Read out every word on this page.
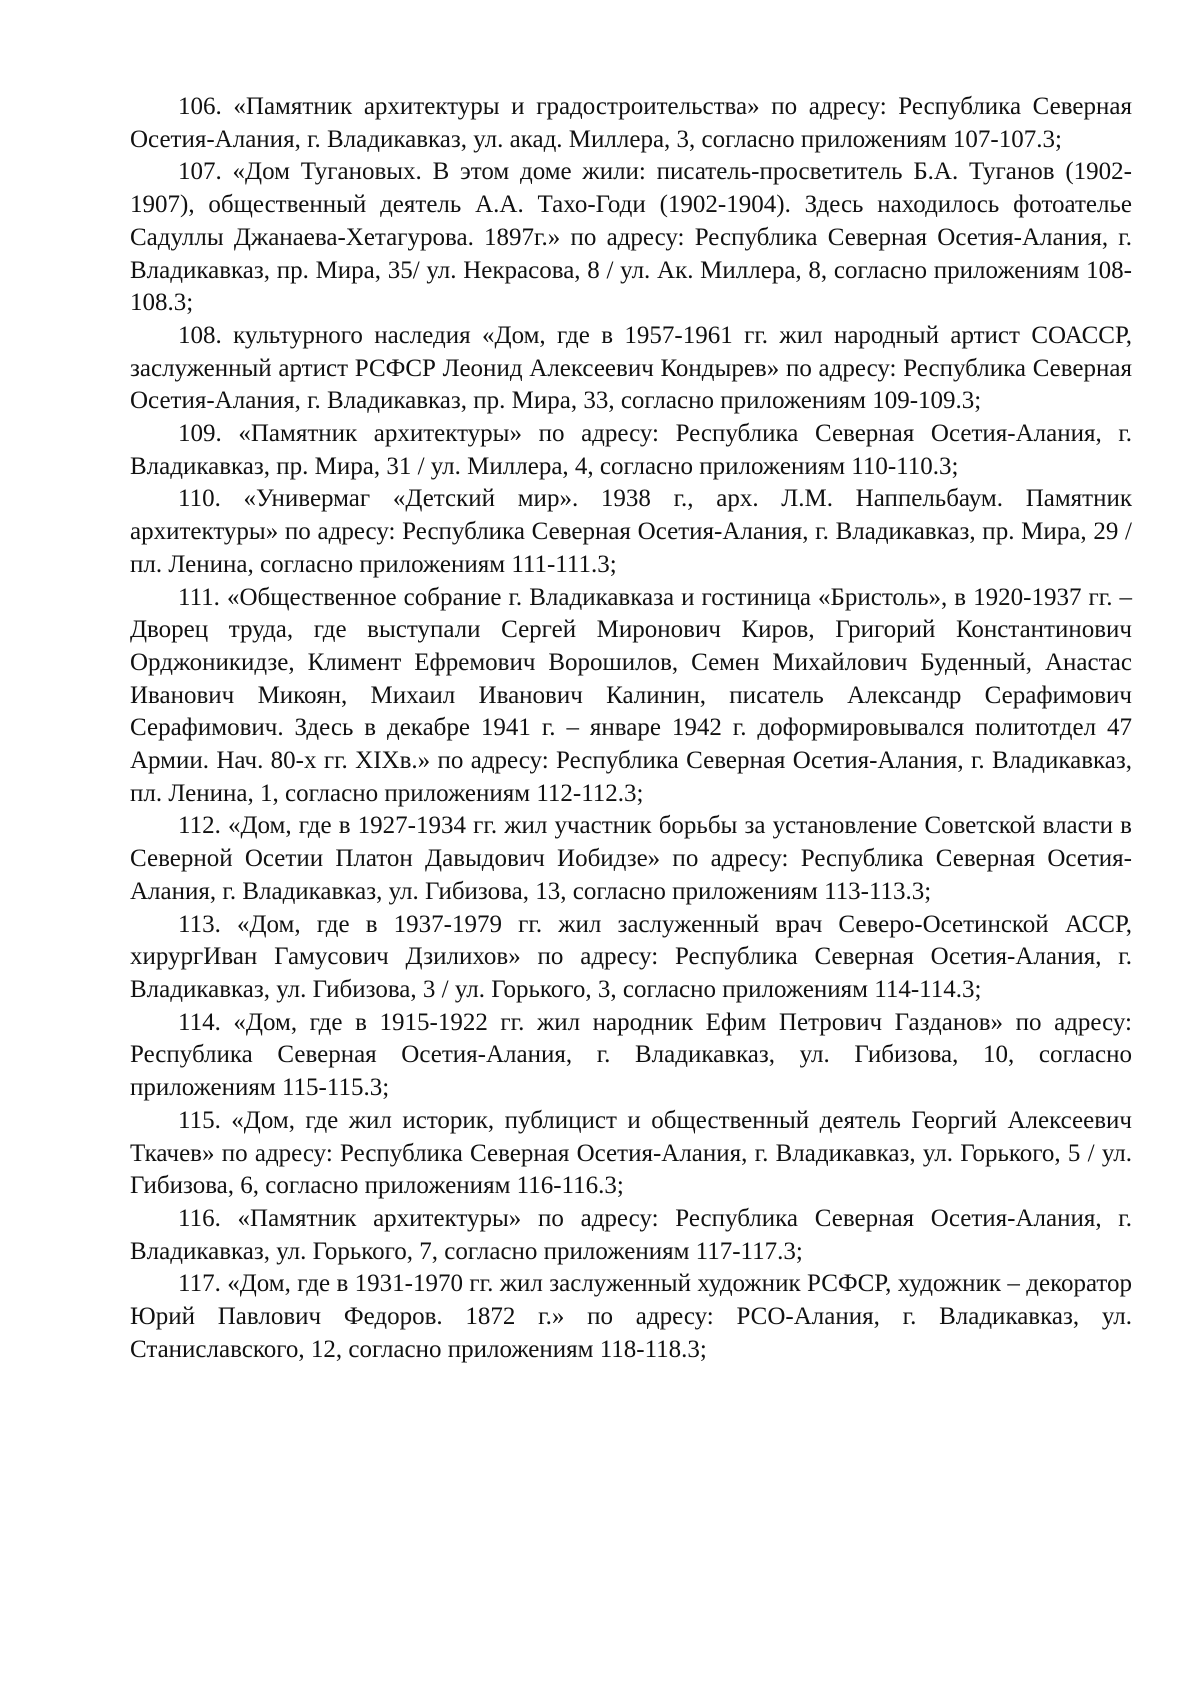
106. «Памятник архитектуры и градостроительства» по адресу: Республика Северная Осетия-Алания, г. Владикавказ, ул. акад. Миллера, 3, согласно приложениям 107-107.3;

107. «Дом Тугановых. В этом доме жили: писатель-просветитель Б.А. Туганов (1902-1907), общественный деятель А.А. Тахо-Годи (1902-1904). Здесь находилось фотоателье Садуллы Джанаева-Хетагурова. 1897г.» по адресу: Республика Северная Осетия-Алания, г. Владикавказ, пр. Мира, 35/ ул. Некрасова, 8 / ул. Ак. Миллера, 8, согласно приложениям 108-108.3;

108. культурного наследия «Дом, где в 1957-1961 гг. жил народный артист СОАССР, заслуженный артист РСФСР Леонид Алексеевич Кондырев» по адресу: Республика Северная Осетия-Алания, г. Владикавказ, пр. Мира, 33, согласно приложениям 109-109.3;

109. «Памятник архитектуры» по адресу: Республика Северная Осетия-Алания, г. Владикавказ, пр. Мира, 31 / ул. Миллера, 4, согласно приложениям 110-110.3;

110. «Универмаг «Детский мир». 1938 г., арх. Л.М. Наппельбаум. Памятник архитектуры» по адресу: Республика Северная Осетия-Алания, г. Владикавказ, пр. Мира, 29 / пл. Ленина, согласно приложениям 111-111.3;

111. «Общественное собрание г. Владикавказа и гостиница «Бристоль», в 1920-1937 гг. – Дворец труда, где выступали Сергей Миронович Киров, Григорий Константинович Орджоникидзе, Климент Ефремович Ворошилов, Семен Михайлович Буденный, Анастас Иванович Микоян, Михаил Иванович Калинин, писатель Александр Серафимович Серафимович. Здесь в декабре 1941 г. – январе 1942 г. доформировывался политотдел 47 Армии. Нач. 80-х гг. XIXв.» по адресу: Республика Северная Осетия-Алания, г. Владикавказ, пл. Ленина, 1, согласно приложениям 112-112.3;

112. «Дом, где в 1927-1934 гг. жил участник борьбы за установление Советской власти в Северной Осетии Платон Давыдович Иобидзе» по адресу: Республика Северная Осетия-Алания, г. Владикавказ, ул. Гибизова, 13, согласно приложениям 113-113.3;

113. «Дом, где в 1937-1979 гг. жил заслуженный врач Северо-Осетинской АССР, хирургИван Гамусович Дзилихов» по адресу: Республика Северная Осетия-Алания, г. Владикавказ, ул. Гибизова, 3 / ул. Горького, 3, согласно приложениям 114-114.3;

114. «Дом, где в 1915-1922 гг. жил народник Ефим Петрович Газданов» по адресу: Республика Северная Осетия-Алания, г. Владикавказ, ул. Гибизова, 10, согласно приложениям 115-115.3;

115. «Дом, где жил историк, публицист и общественный деятель Георгий Алексеевич Ткачев» по адресу: Республика Северная Осетия-Алания, г. Владикавказ, ул. Горького, 5 / ул. Гибизова, 6, согласно приложениям 116-116.3;

116. «Памятник архитектуры» по адресу: Республика Северная Осетия-Алания, г. Владикавказ, ул. Горького, 7, согласно приложениям 117-117.3;

117. «Дом, где в 1931-1970 гг. жил заслуженный художник РСФСР, художник – декоратор Юрий Павлович Федоров. 1872 г.» по адресу: РСО-Алания, г. Владикавказ, ул. Станиславского, 12, согласно приложениям 118-118.3;
